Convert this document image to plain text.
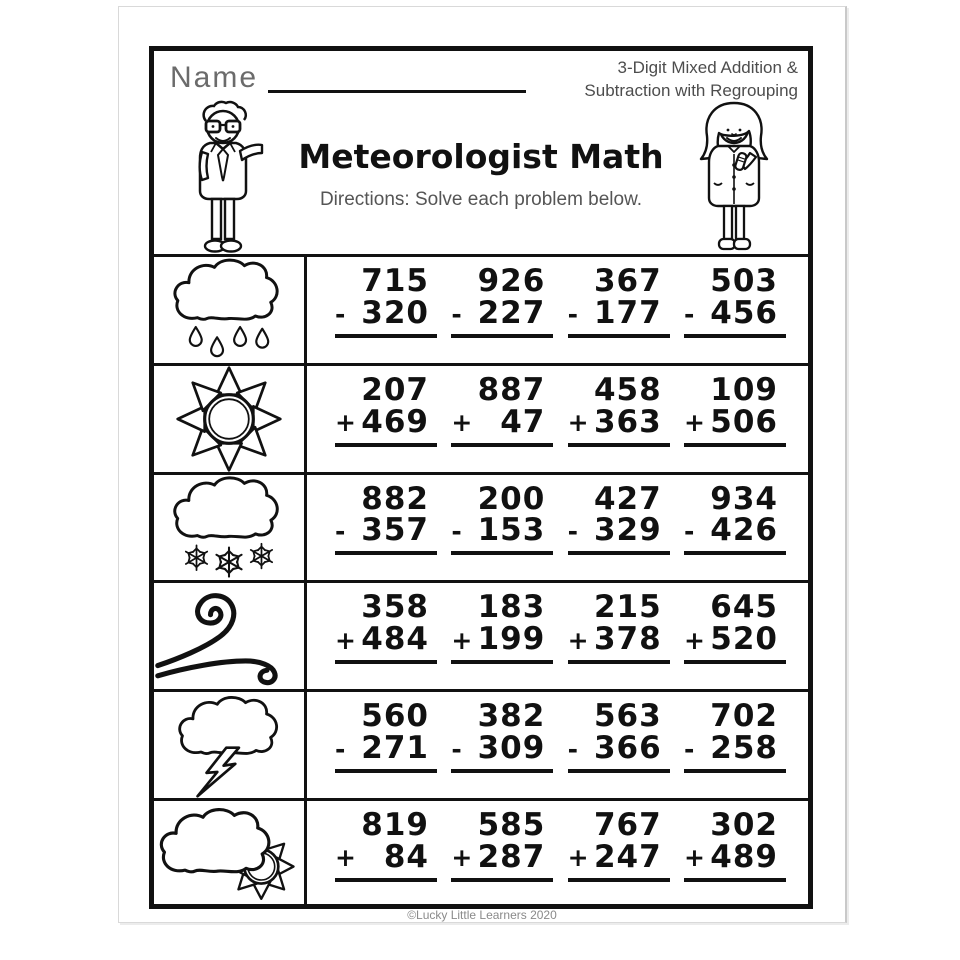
Name	3-Digit Mixed Addition &
Subtraction with Regrouping
Meteorologist Math

Directions: Solve each problem below.

715
- 320
926
- 227
367
- 177
503
- 456
207
+ 469
887
+ 47
458
+ 363
109
+ 506
882
- 357
200
- 153
427
- 329
934
- 426
358
+ 484
183
+ 199
215
+ 378
645
+ 520
560
- 271
382
- 309
563
- 366
702
- 258
819
+ 84
585
+ 287
767
+ 247
302
+ 489
©Lucky Little Learners 2020
